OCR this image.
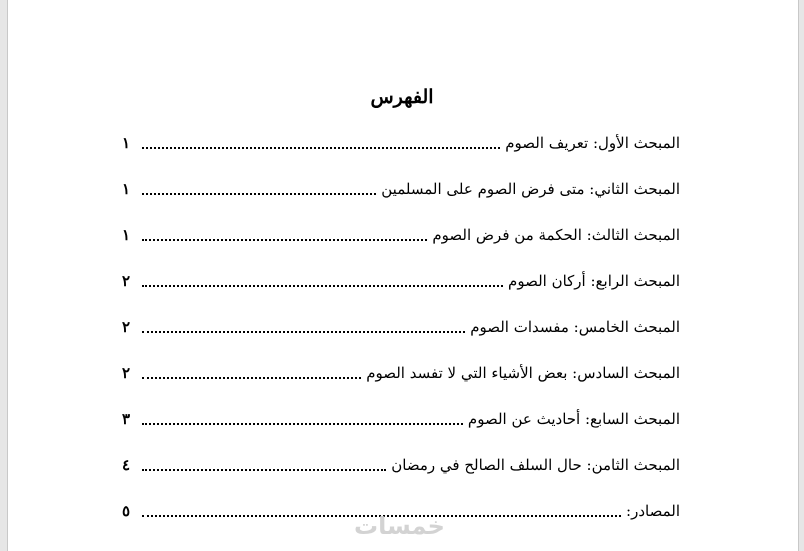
الفهرس
المبحث الأول: تعريف الصوم
١
المبحث الثاني: متى فرض الصوم على المسلمين
١
المبحث الثالث: الحكمة من فرض الصوم
١
المبحث الرابع: أركان الصوم
٢
المبحث الخامس: مفسدات الصوم
٢
المبحث السادس: بعض الأشياء التي لا تفسد الصوم
٢
المبحث السابع: أحاديث عن الصوم
٣
المبحث الثامن: حال السلف الصالح في رمضان
٤
المصادر:
٥
خمسات
